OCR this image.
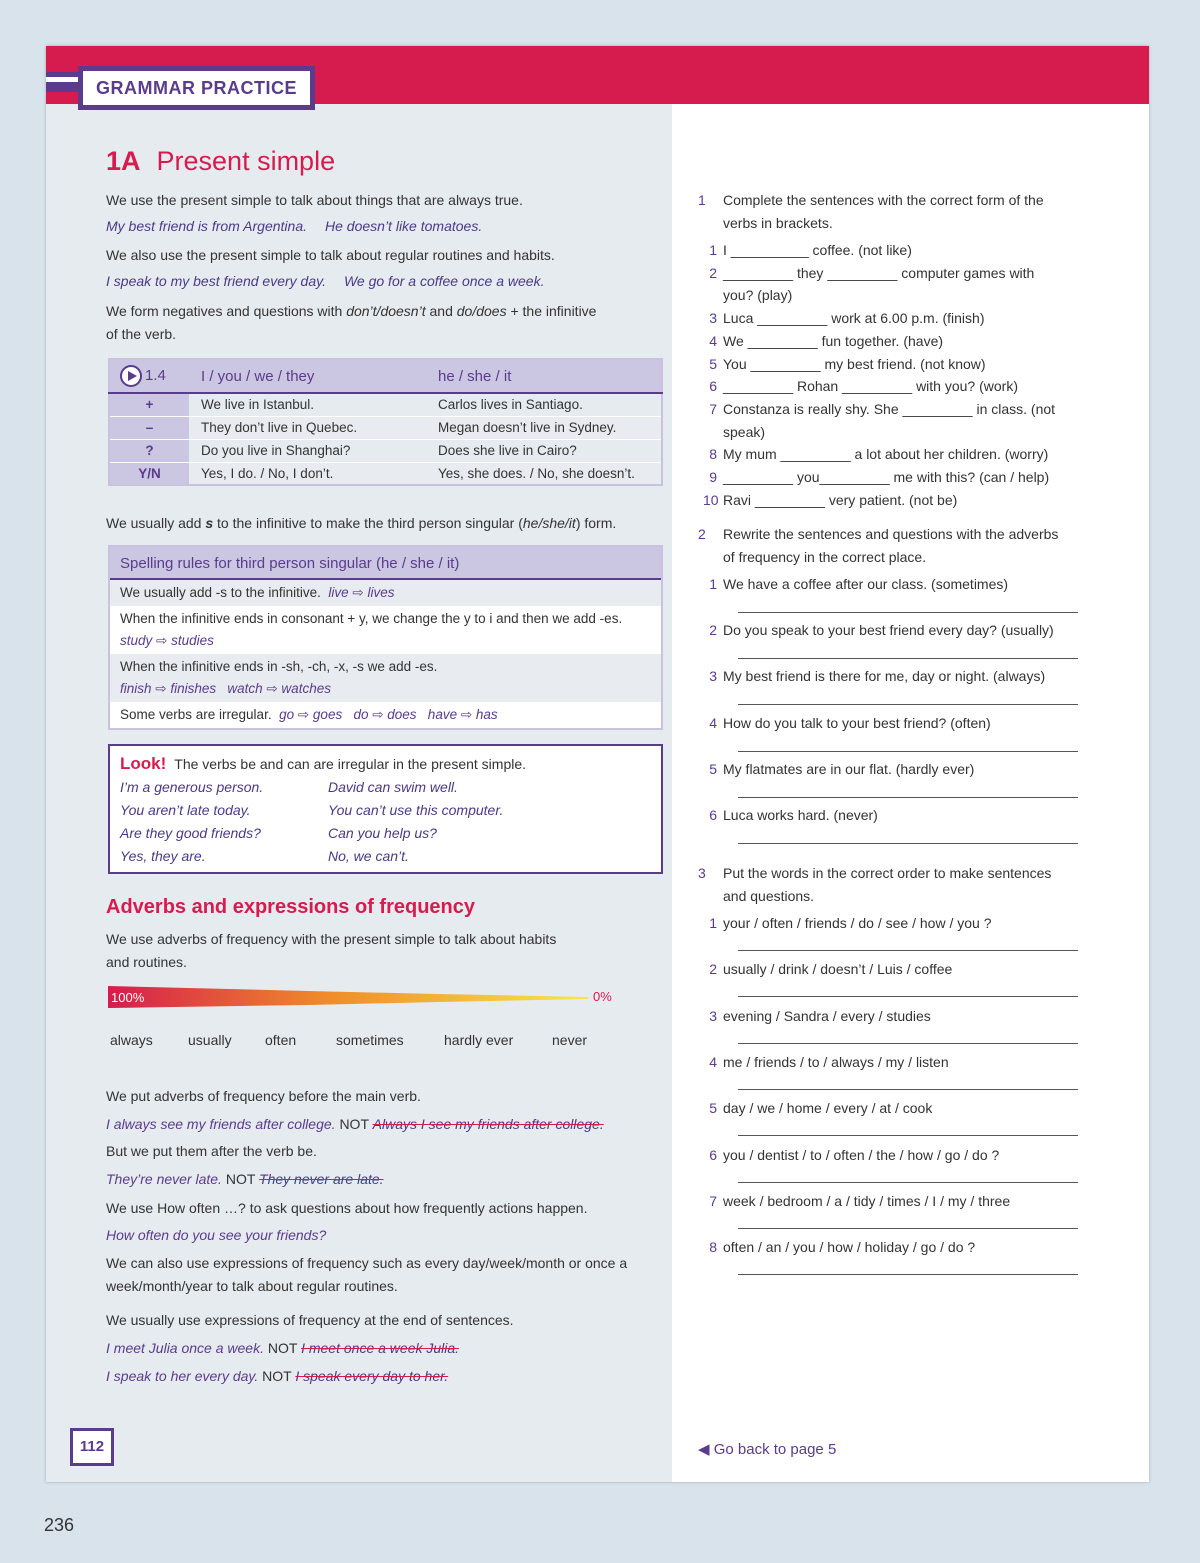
GRAMMAR PRACTICE
1A Present simple
We use the present simple to talk about things that are always true.
My best friend is from Argentina. He doesn’t like tomatoes.
We also use the present simple to talk about regular routines and habits.
I speak to my best friend every day. We go for a coffee once a week.
We form negatives and questions with don’t/doesn’t and do/does + the infinitive
of the verb.
1.4	I / you / we / they	he / she / it
+	We live in Istanbul.	Carlos lives in Santiago.
–	They don’t live in Quebec.	Megan doesn’t live in Sydney.
?	Do you live in Shanghai?	Does she live in Cairo?
Y/N	Yes, I do. / No, I don’t.	Yes, she does. / No, she doesn’t.
We usually add s to the infinitive to make the third person singular (he/she/it) form.
Spelling rules for third person singular (he / she / it)
We usually add -s to the infinitive. live ⇨ lives
When the infinitive ends in consonant + y, we change the y to i and then we add -es.
study ⇨ studies
When the infinitive ends in -sh, -ch, -x, -s we add -es.
finish ⇨ finishes   watch ⇨ watches
Some verbs are irregular. go ⇨ goes   do ⇨ does   have ⇨ has
Look! The verbs be and can are irregular in the present simple.
I’m a generous person.	David can swim well.
You aren’t late today.	You can’t use this computer.
Are they good friends?	Can you help us?
Yes, they are.	No, we can’t.
Adverbs and expressions of frequency
We use adverbs of frequency with the present simple to talk about habits
and routines.
100%	0%
always	usually often	sometimes	hardly ever	never
We put adverbs of frequency before the main verb.
I always see my friends after college. NOT Always I see my friends after college.
But we put them after the verb be.
They’re never late. NOT They never are late.
We use How often …? to ask questions about how frequently actions happen.
How often do you see your friends?
We can also use expressions of frequency such as every day/week/month or once a
week/month/year to talk about regular routines.
We usually use expressions of frequency at the end of sentences.
I meet Julia once a week. NOT I meet once a week Julia.
I speak to her every day. NOT I speak every day to her.
112	◀ Go back to page 5
1 Complete the sentences with the correct form of the
verbs in brackets.
1 I __________ coffee. (not like)
2 _________ they _________ computer games with
you? (play)
3 Luca _________ work at 6.00 p.m. (finish)
4 We _________ fun together. (have)
5 You _________ my best friend. (not know)
6 _________ Rohan _________ with you? (work)
7 Constanza is really shy. She _________ in class. (not
speak)
8 My mum _________ a lot about her children. (worry)
9 _________ you_________ me with this? (can / help)
10 Ravi _________ very patient. (not be)
2 Rewrite the sentences and questions with the adverbs
of frequency in the correct place.
1 We have a coffee after our class. (sometimes)
2 Do you speak to your best friend every day? (usually)
3 My best friend is there for me, day or night. (always)
4 How do you talk to your best friend? (often)
5 My flatmates are in our flat. (hardly ever)
6 Luca works hard. (never)
3 Put the words in the correct order to make sentences
and questions.
1 your / often / friends / do / see / how / you ?
2 usually / drink / doesn’t / Luis / coffee
3 evening / Sandra / every / studies
4 me / friends / to / always / my / listen
5 day / we / home / every / at / cook
6 you / dentist / to / often / the / how / go / do ?
7 week / bedroom / a / tidy / times / I / my / three
8 often / an / you / how / holiday / go / do ?
236
